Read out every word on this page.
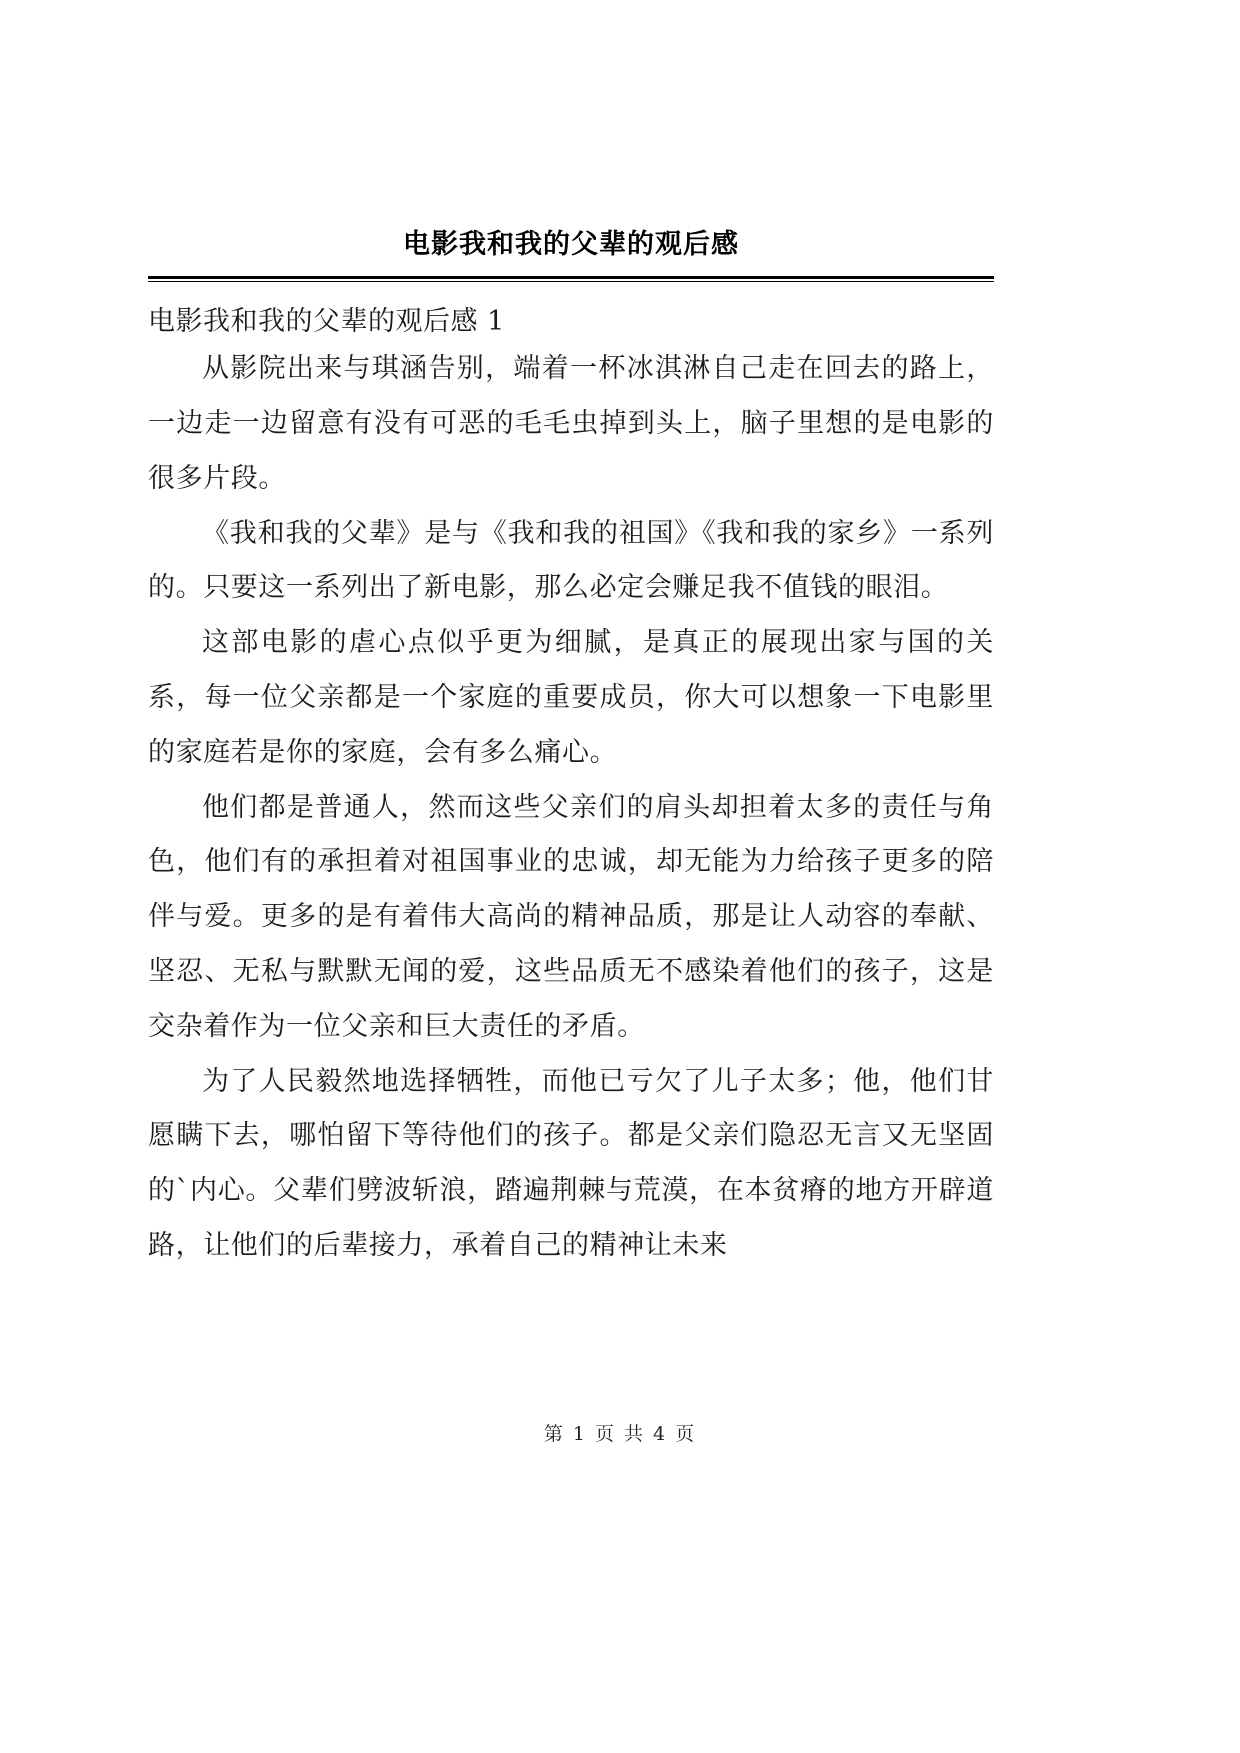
电影我和我的父辈的观后感
电影我和我的父辈的观后感 1

从影院出来与琪涵告别，端着一杯冰淇淋自己走在回去的路上，一边走一边留意有没有可恶的毛毛虫掉到头上，脑子里想的是电影的很多片段。

《我和我的父辈》是与《我和我的祖国》《我和我的家乡》一系列的。只要这一系列出了新电影，那么必定会赚足我不值钱的眼泪。

这部电影的虐心点似乎更为细腻，是真正的展现出家与国的关系，每一位父亲都是一个家庭的重要成员，你大可以想象一下电影里的家庭若是你的家庭，会有多么痛心。

他们都是普通人，然而这些父亲们的肩头却担着太多的责任与角色，他们有的承担着对祖国事业的忠诚，却无能为力给孩子更多的陪伴与爱。更多的是有着伟大高尚的精神品质，那是让人动容的奉献、坚忍、无私与默默无闻的爱，这些品质无不感染着他们的孩子，这是交杂着作为一位父亲和巨大责任的矛盾。

为了人民毅然地选择牺牲，而他已亏欠了儿子太多；他，他们甘愿瞒下去，哪怕留下等待他们的孩子。都是父亲们隐忍无言又无坚固的`内心。父辈们劈波斩浪，踏遍荆棘与荒漠，在本贫瘠的地方开辟道路，让他们的后辈接力，承着自己的精神让未来

第 1 页 共 4 页
